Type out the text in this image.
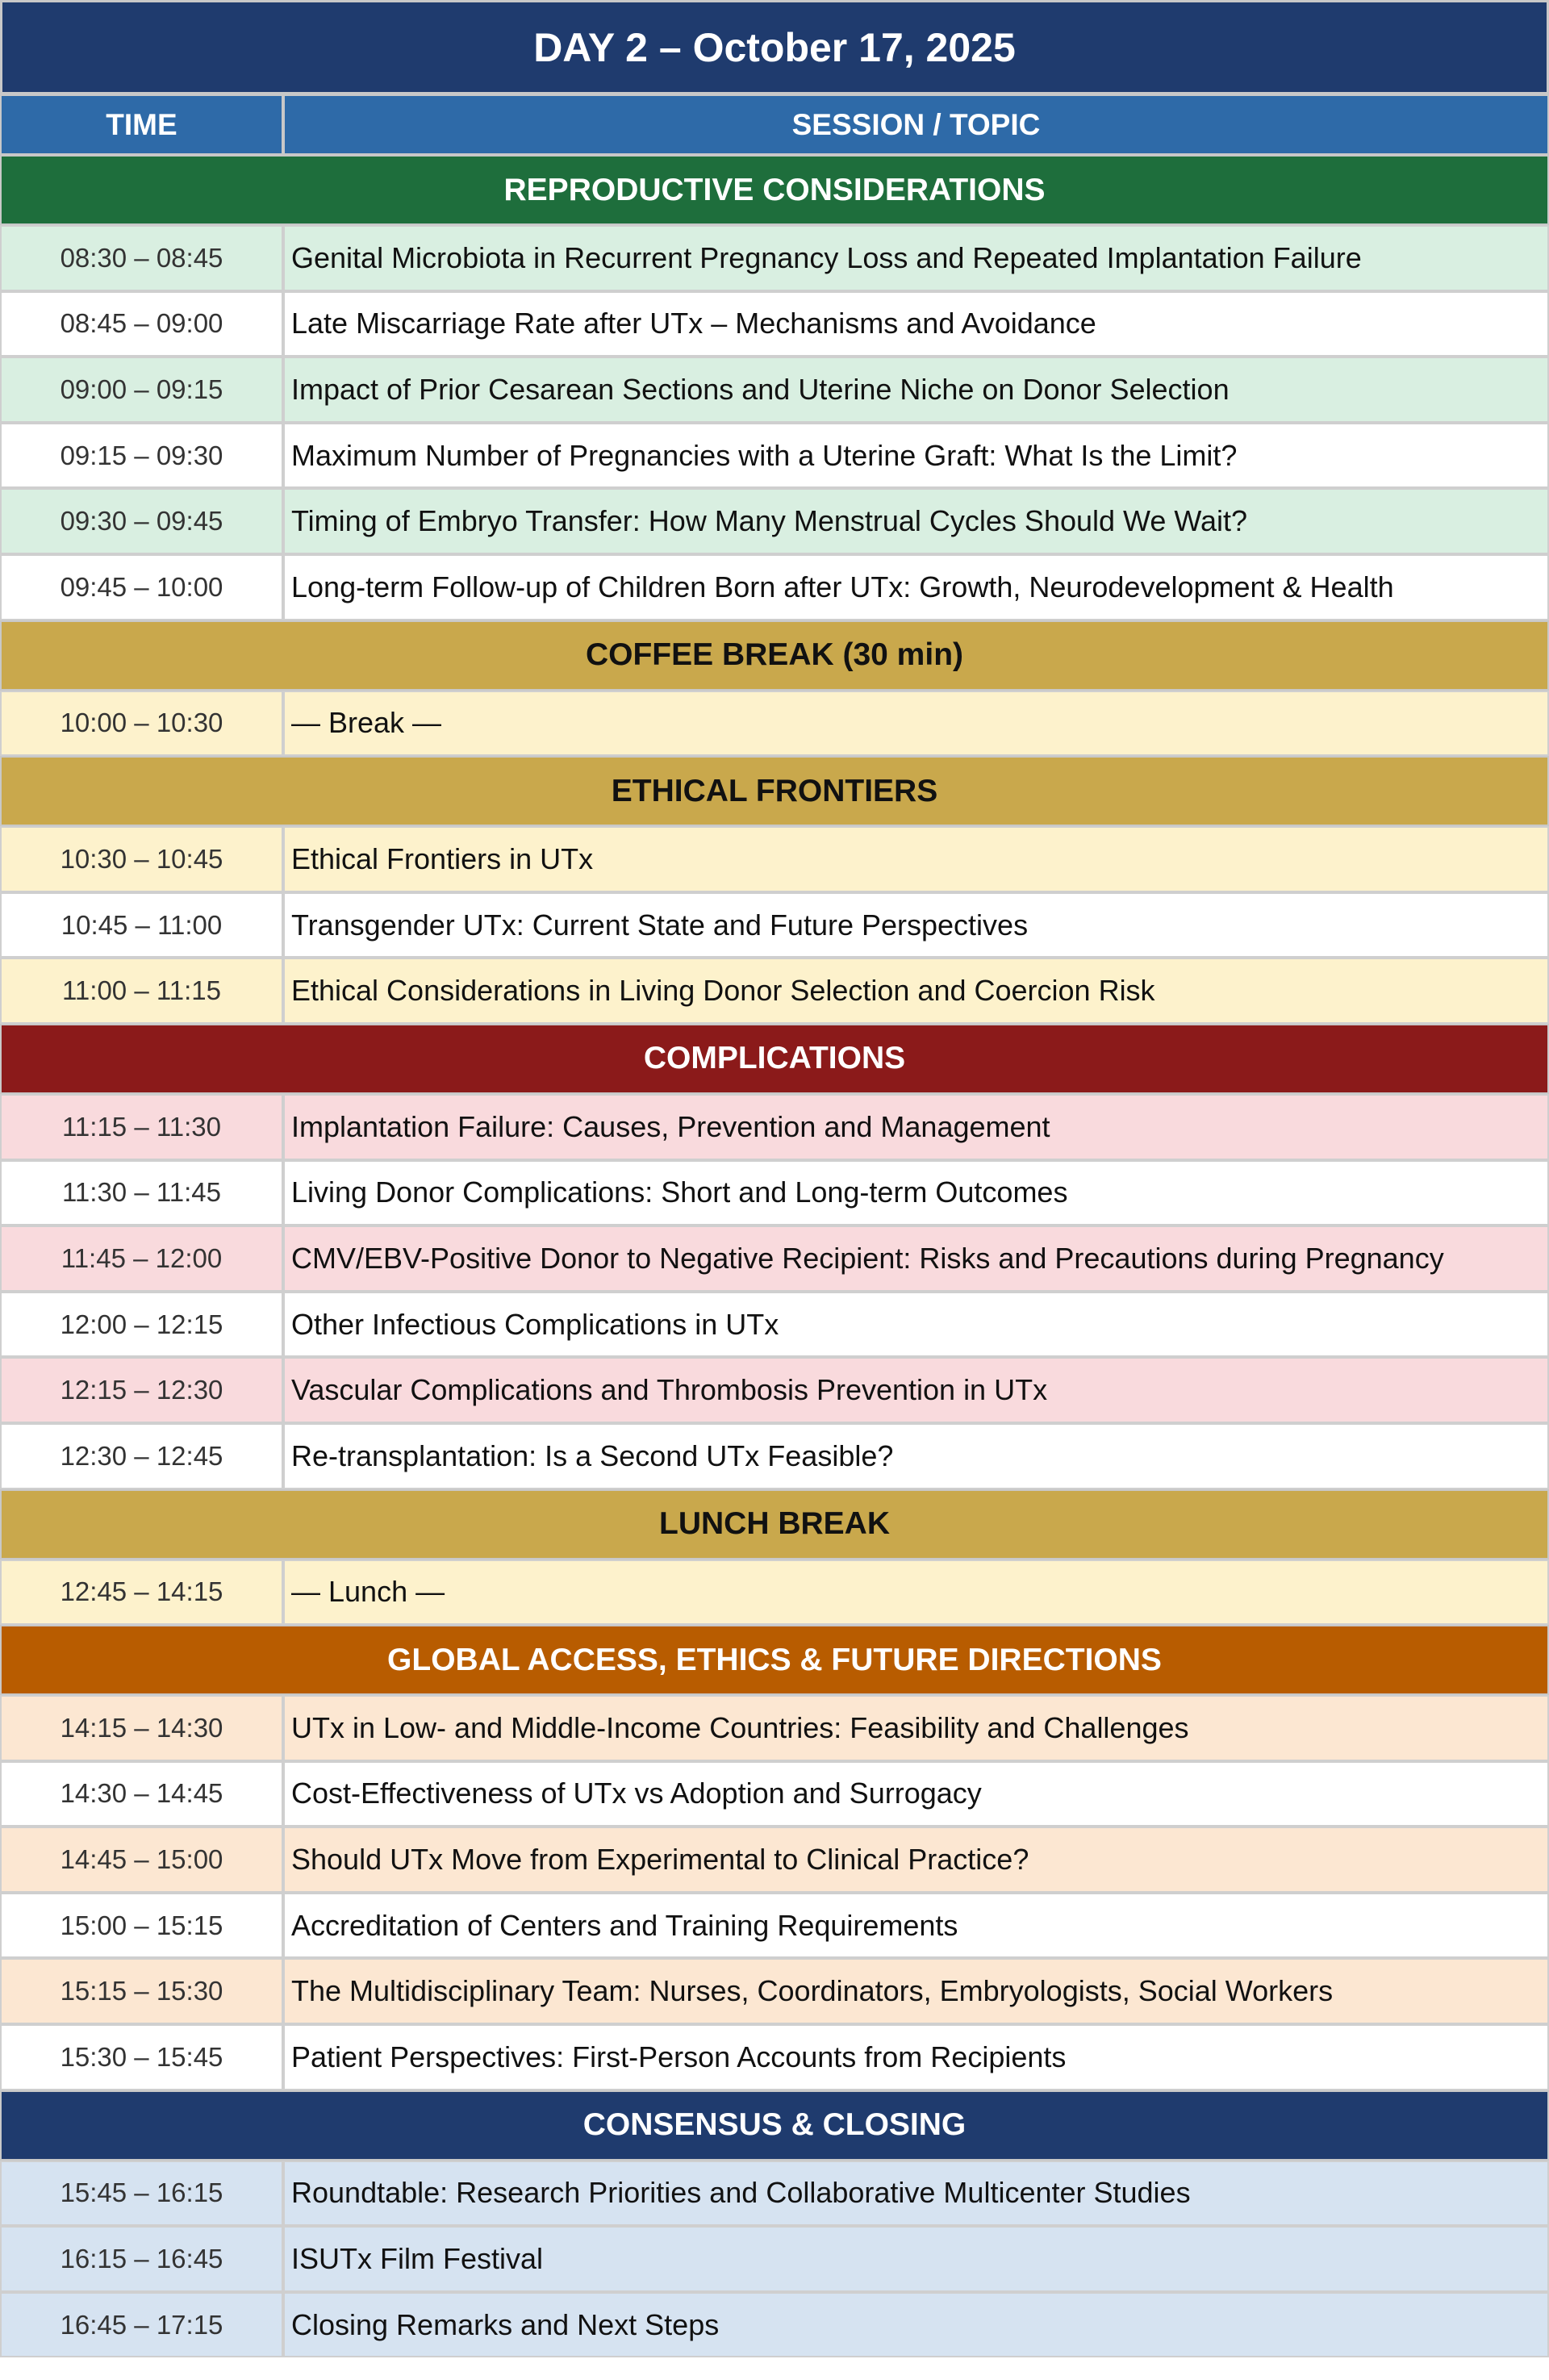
DAY 2 – October 17, 2025
TIME	SESSION / TOPIC
REPRODUCTIVE CONSIDERATIONS
08:30 – 08:45	Genital Microbiota in Recurrent Pregnancy Loss and Repeated Implantation Failure
08:45 – 09:00	Late Miscarriage Rate after UTx – Mechanisms and Avoidance
09:00 – 09:15	Impact of Prior Cesarean Sections and Uterine Niche on Donor Selection
09:15 – 09:30	Maximum Number of Pregnancies with a Uterine Graft: What Is the Limit?
09:30 – 09:45	Timing of Embryo Transfer: How Many Menstrual Cycles Should We Wait?
09:45 – 10:00	Long-term Follow-up of Children Born after UTx: Growth, Neurodevelopment & Health
COFFEE BREAK (30 min)
10:00 – 10:30	— Break —
ETHICAL FRONTIERS
10:30 – 10:45	Ethical Frontiers in UTx
10:45 – 11:00	Transgender UTx: Current State and Future Perspectives
11:00 – 11:15	Ethical Considerations in Living Donor Selection and Coercion Risk
COMPLICATIONS
11:15 – 11:30	Implantation Failure: Causes, Prevention and Management
11:30 – 11:45	Living Donor Complications: Short and Long-term Outcomes
11:45 – 12:00	CMV/EBV-Positive Donor to Negative Recipient: Risks and Precautions during Pregnancy
12:00 – 12:15	Other Infectious Complications in UTx
12:15 – 12:30	Vascular Complications and Thrombosis Prevention in UTx
12:30 – 12:45	Re-transplantation: Is a Second UTx Feasible?
LUNCH BREAK
12:45 – 14:15	— Lunch —
GLOBAL ACCESS, ETHICS & FUTURE DIRECTIONS
14:15 – 14:30	UTx in Low- and Middle-Income Countries: Feasibility and Challenges
14:30 – 14:45	Cost-Effectiveness of UTx vs Adoption and Surrogacy
14:45 – 15:00	Should UTx Move from Experimental to Clinical Practice?
15:00 – 15:15	Accreditation of Centers and Training Requirements
15:15 – 15:30	The Multidisciplinary Team: Nurses, Coordinators, Embryologists, Social Workers
15:30 – 15:45	Patient Perspectives: First-Person Accounts from Recipients
CONSENSUS & CLOSING
15:45 – 16:15	Roundtable: Research Priorities and Collaborative Multicenter Studies
16:15 – 16:45	ISUTx Film Festival
16:45 – 17:15	Closing Remarks and Next Steps
